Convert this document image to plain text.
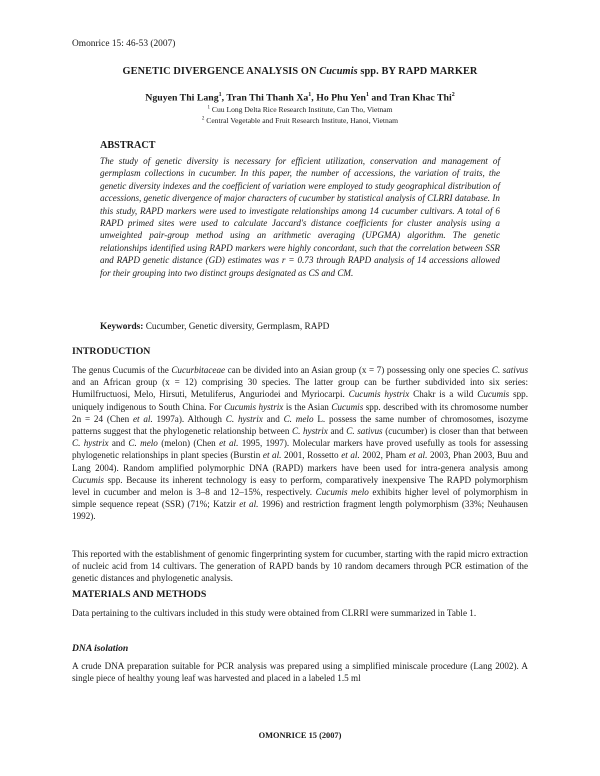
Omonrice 15: 46-53 (2007)
GENETIC DIVERGENCE ANALYSIS ON Cucumis spp. BY RAPD MARKER
Nguyen Thi Lang$^1$, Tran Thi Thanh Xa$^1$, Ho Phu Yen$^1$ and Tran Khac Thi$^2$
$^1$ Cuu Long Delta Rice Research Institute, Can Tho, Vietnam
$^2$ Central Vegetable and Fruit Research Institute, Hanoi, Vietnam
ABSTRACT

The study of genetic diversity is necessary for efficient utilization, conservation and management of germplasm collections in cucumber. In this paper, the number of accessions, the variation of traits, the genetic diversity indexes and the coefficient of variation were employed to study geographical distribution of accessions, genetic divergence of major characters of cucumber by statistical analysis of CLRRI database. In this study, RAPD markers were used to investigate relationships among 14 cucumber cultivars. A total of 6 RAPD primed sites were used to calculate Jaccard's distance coefficients for cluster analysis using a unweighted pair-group method using an arithmetic averaging (UPGMA) algorithm. The genetic relationships identified using RAPD markers were highly concordant, such that the correlation between SSR and RAPD genetic distance (GD) estimates was r = 0.73 through RAPD analysis of 14 accessions allowed for their grouping into two distinct groups designated as CS and CM.

Keywords: Cucumber, Genetic diversity, Germplasm, RAPD
INTRODUCTION

The genus Cucumis of the Cucurbitaceae can be divided into an Asian group (x = 7) possessing only one species C. sativus and an African group (x = 12) comprising 30 species. The latter group can be further subdivided into six series: Humilfructuosi, Melo, Hirsuti, Metuliferus, Anguriodei and Myriocarpi. Cucumis hystrix Chakr is a wild Cucumis spp. uniquely indigenous to South China. For Cucumis hystrix is the Asian Cucumis spp. described with its chromosome number 2n = 24 (Chen et al. 1997a). Although C. hystrix and C. melo L. possess the same number of chromosomes, isozyme patterns suggest that the phylogenetic relationship between C. hystrix and C. sativus (cucumber) is closer than that between C. hystrix and C. melo (melon) (Chen et al. 1995, 1997). Molecular markers have proved usefully as tools for assessing phylogenetic relationships in plant species (Burstin et al. 2001, Rossetto et al. 2002, Pham et al. 2003, Phan 2003, Buu and Lang 2004). Random amplified polymorphic DNA (RAPD) markers have been used for intra-genera analysis among Cucumis spp. Because its inherent technology is easy to perform, comparatively inexpensive The RAPD polymorphism level in cucumber and melon is 3–8 and 12–15%, respectively. Cucumis melo exhibits higher level of polymorphism in simple sequence repeat (SSR) (71%; Katzir et al. 1996) and restriction fragment length polymorphism (33%; Neuhausen 1992).

This reported with the establishment of genomic fingerprinting system for cucumber, starting with the rapid micro extraction of nucleic acid from 14 cultivars. The generation of RAPD bands by 10 random decamers through PCR estimation of the genetic distances and phylogenetic analysis.

MATERIALS AND METHODS

Data pertaining to the cultivars included in this study were obtained from CLRRI were summarized in Table 1.

DNA isolation

A crude DNA preparation suitable for PCR analysis was prepared using a simplified miniscale procedure (Lang 2002). A single piece of healthy young leaf was harvested and placed in a labeled 1.5 ml

OMONRICE 15 (2007)
